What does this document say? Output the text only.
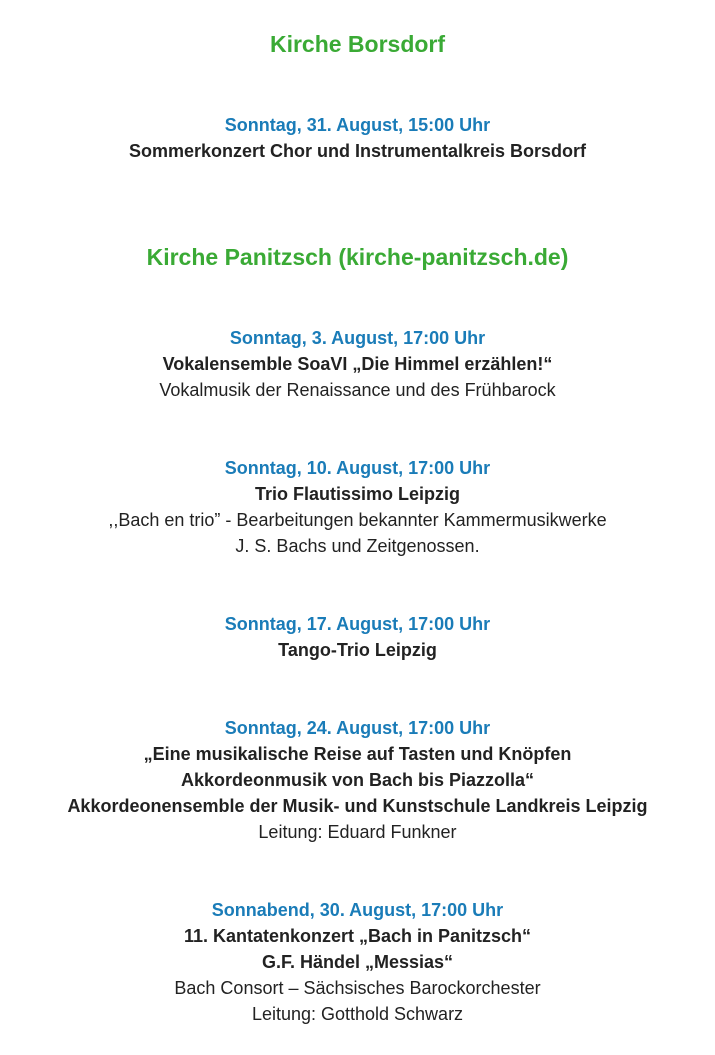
Kirche Borsdorf
Sonntag, 31. August, 15:00 Uhr
Sommerkonzert Chor und Instrumentalkreis Borsdorf
Kirche Panitzsch (kirche-panitzsch.de)
Sonntag, 3. August, 17:00 Uhr
Vokalensemble SoaVI „Die Himmel erzählen!“
Vokalmusik der Renaissance und des Frühbarock
Sonntag, 10. August, 17:00 Uhr
Trio Flautissimo Leipzig
,,Bach en trio” - Bearbeitungen bekannter Kammermusikwerke
J. S. Bachs und Zeitgenossen.
Sonntag, 17. August, 17:00 Uhr
Tango-Trio Leipzig
Sonntag, 24. August, 17:00 Uhr
„Eine musikalische Reise auf Tasten und Knöpfen
Akkordeonmusik von Bach bis Piazzolla“
Akkordeonensemble der Musik- und Kunstschule Landkreis Leipzig
Leitung: Eduard Funkner
Sonnabend, 30. August, 17:00 Uhr
11. Kantatenkonzert „Bach in Panitzsch“
G.F. Händel „Messias“
Bach Consort – Sächsisches Barockorchester
Leitung: Gotthold Schwarz
